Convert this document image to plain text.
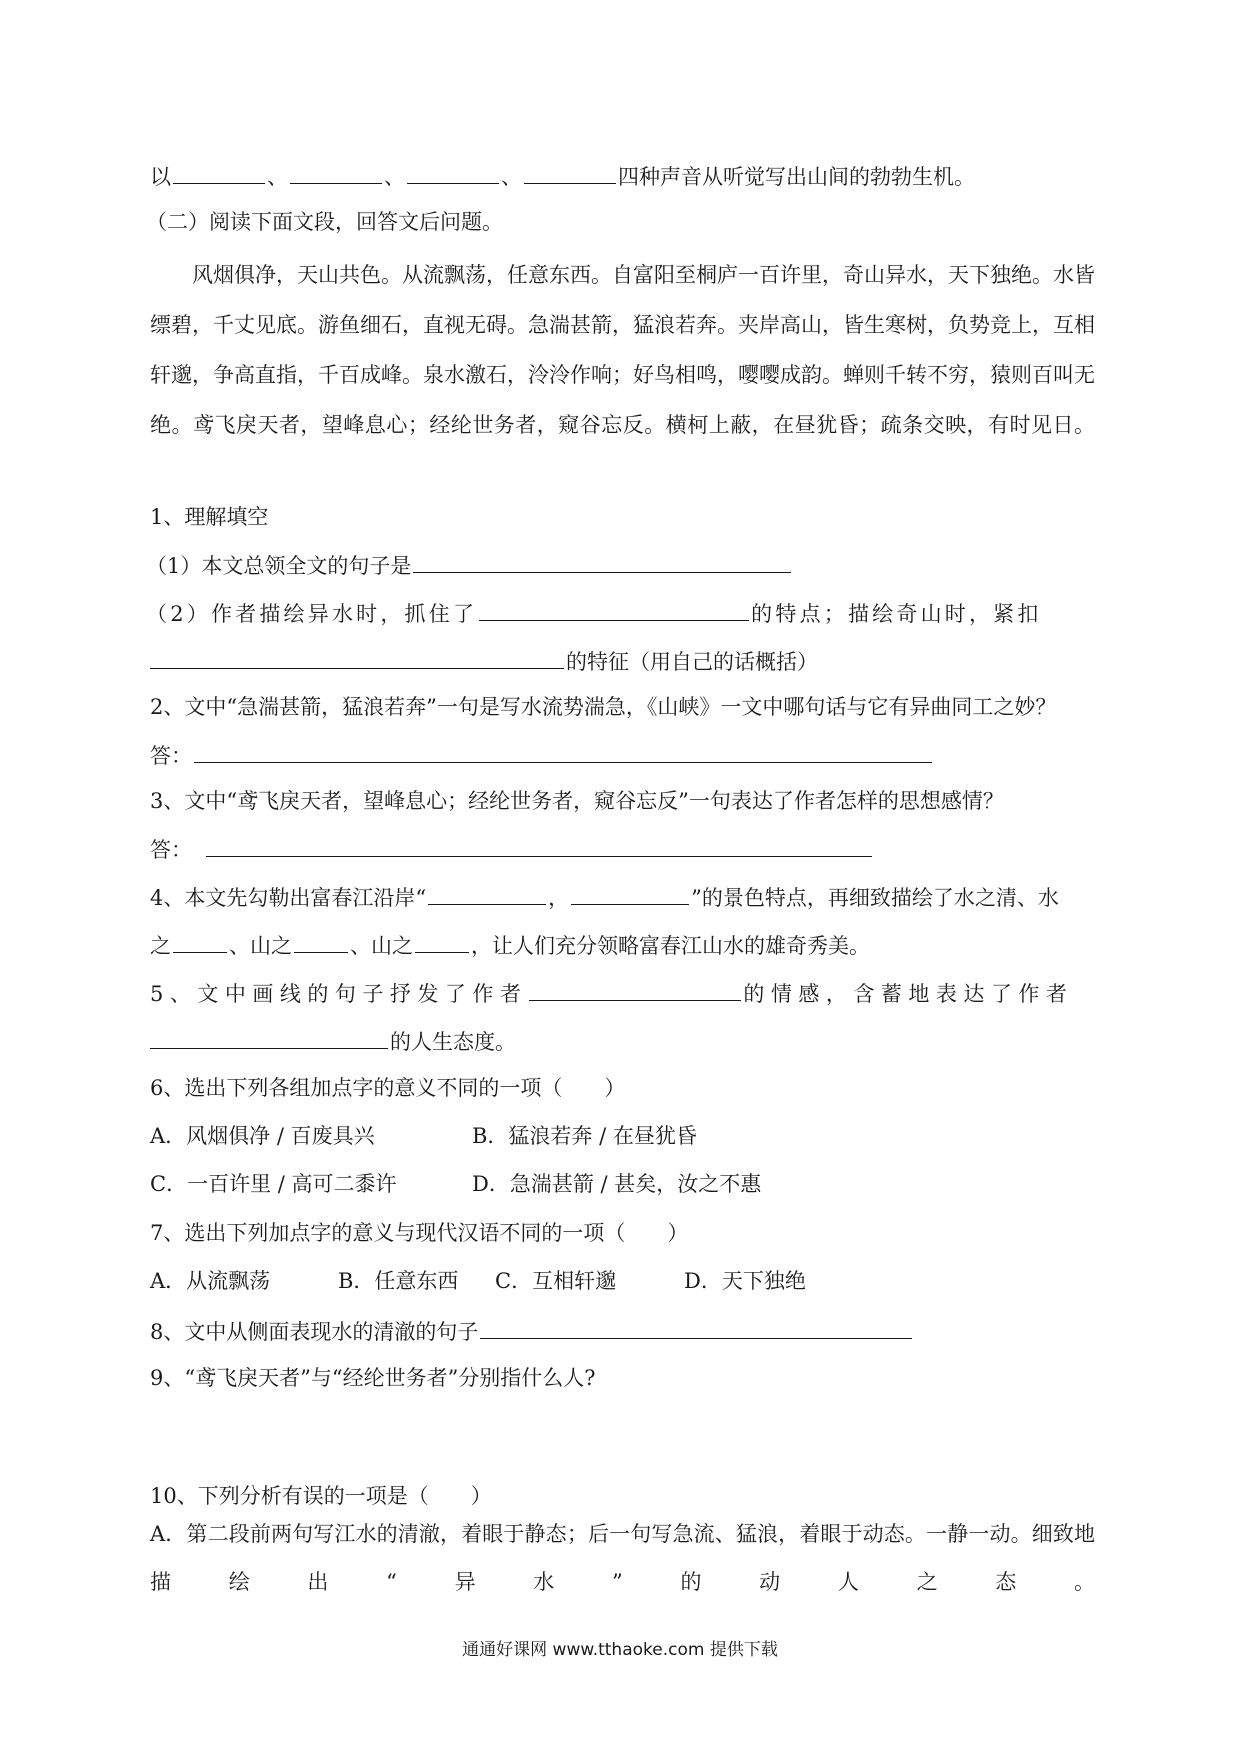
以	、	、	、	四种声音从听觉写出山间的勃勃生机。
（二）阅读下面文段，回答文后问题。
风烟俱净，天山共色。从流飘荡，任意东西。自富阳至桐庐一百许里，奇山异水，天下独绝。水皆缥碧，千丈见底。游鱼细石，直视无碍。急湍甚箭，猛浪若奔。夹岸高山，皆生寒树，负势竞上，互相轩邈，争高直指，千百成峰。泉水激石，泠泠作响；好鸟相鸣，嘤嘤成韵。蝉则千转不穷，猿则百叫无绝。鸢飞戾天者，望峰息心；经纶世务者，窥谷忘反。横柯上蔽，在昼犹昏；疏条交映，有时见日。
1、理解填空
（1）本文总领全文的句子是
（2）作者描绘异水时，抓住了	的特点；描绘奇山时，紧扣
的特征（用自己的话概括）
2、文中“急湍甚箭，猛浪若奔”一句是写水流势湍急，《山峡》一文中哪句话与它有异曲同工之妙？
答：
3、文中“鸢飞戾天者，望峰息心；经纶世务者，窥谷忘反”一句表达了作者怎样的思想感情？
答：
4、本文先勾勒出富春江沿岸“	，	”的景色特点，再细致描绘了水之清、水
之	、山之	、山之	，让人们充分领略富春江山水的雄奇秀美。
5、文中画线的句子抒发了作者	的情感，含蓄地表达了作者
的人生态度。
6、选出下列各组加点字的意义不同的一项（　　）
A．风烟俱净 / 百废具兴	B．猛浪若奔 / 在昼犹昏
C．一百许里 / 高可二黍许	D．急湍甚箭 / 甚矣，汝之不惠
7、选出下列加点字的意义与现代汉语不同的一项（　　）
A．从流飘荡	B．任意东西 C．互相轩邈	D．天下独绝
8、文中从侧面表现水的清澈的句子
9、“鸢飞戾天者”与“经纶世务者”分别指什么人?
10、下列分析有误的一项是（　　）
A．第二段前两句写江水的清澈，着眼于静态；后一句写急流、猛浪，着眼于动态。一静一动。细致地描绘出“异水”的动人之态。
通通好课网 www.tthaoke.com 提供下载
